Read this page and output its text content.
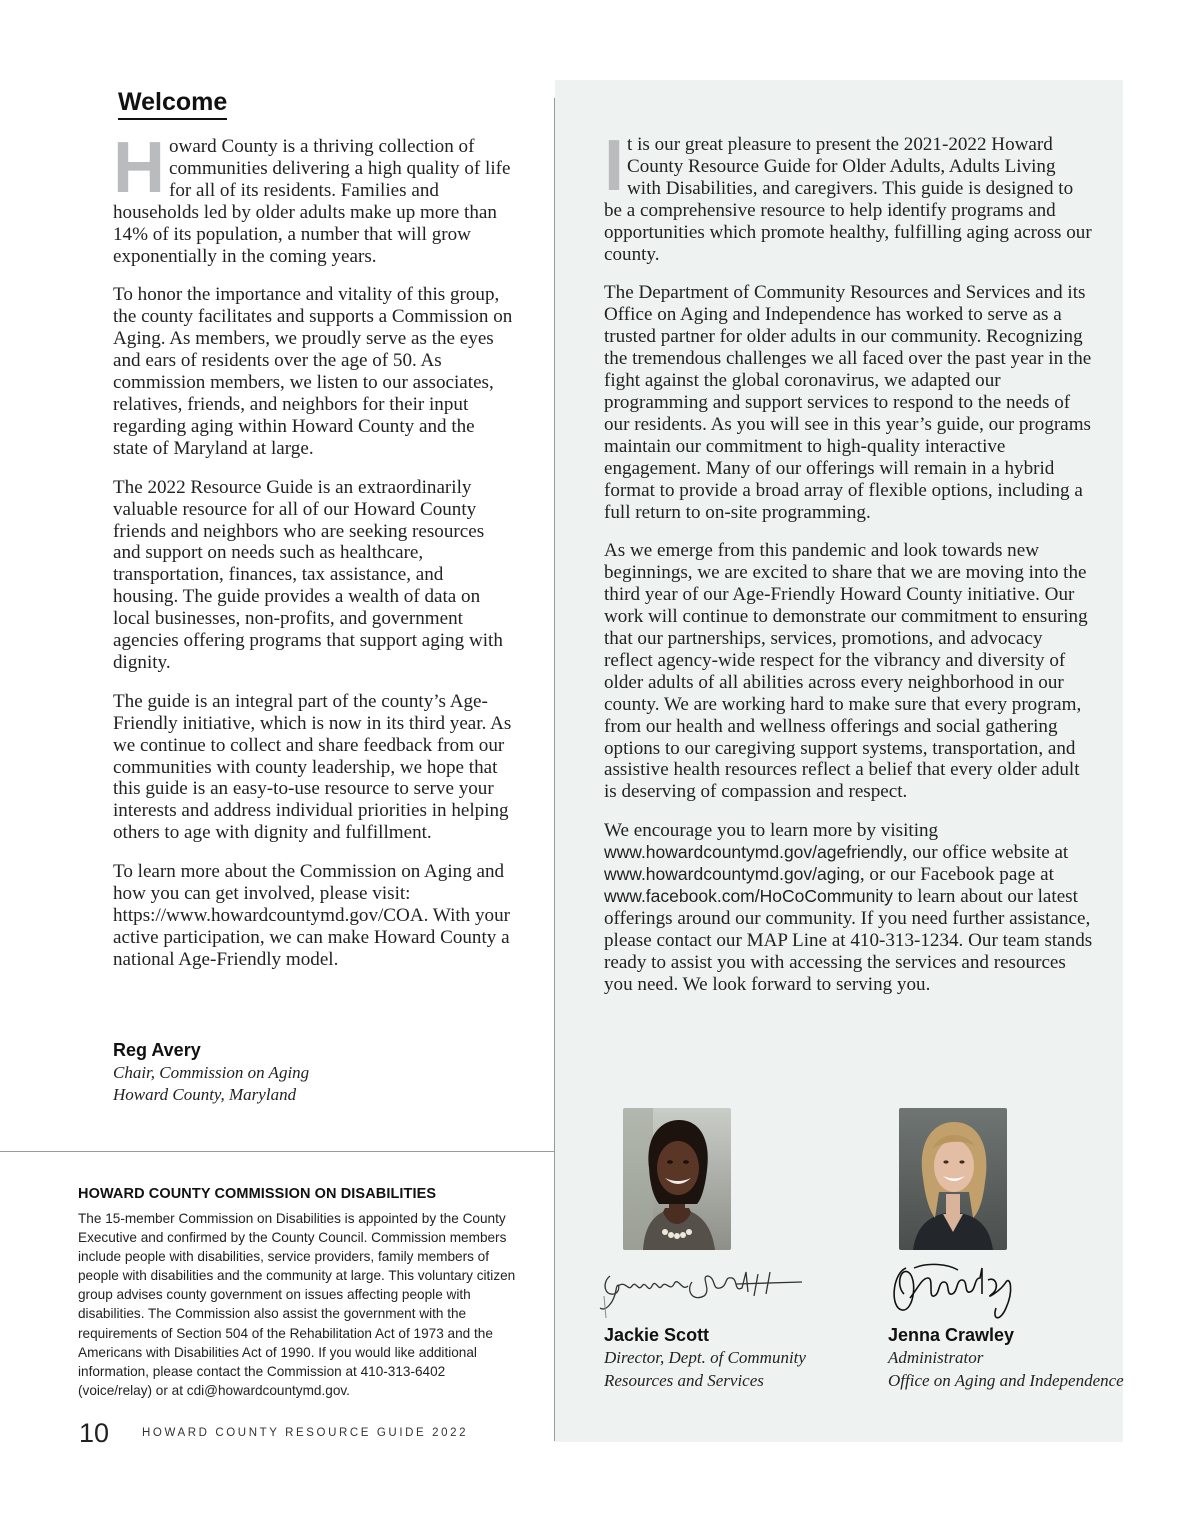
Welcome

Howard County is a thriving collection of communities delivering a high quality of life for all of its residents. Families and households led by older adults make up more than 14% of its population, a number that will grow exponentially in the coming years.

To honor the importance and vitality of this group, the county facilitates and supports a Commission on Aging. As members, we proudly serve as the eyes and ears of residents over the age of 50. As commission members, we listen to our associates, relatives, friends, and neighbors for their input regarding aging within Howard County and the state of Maryland at large.

The 2022 Resource Guide is an extraordinarily valuable resource for all of our Howard County friends and neighbors who are seeking resources and support on needs such as healthcare, transportation, finances, tax assistance, and housing. The guide provides a wealth of data on local businesses, non-profits, and government agencies offering programs that support aging with dignity.

The guide is an integral part of the county’s Age-Friendly initiative, which is now in its third year. As we continue to collect and share feedback from our communities with county leadership, we hope that this guide is an easy-to-use resource to serve your interests and address individual priorities in helping others to age with dignity and fulfillment.

To learn more about the Commission on Aging and how you can get involved, please visit: https://www.howardcountymd.gov/COA. With your active participation, we can make Howard County a national Age-Friendly model.

Reg Avery
Chair, Commission on Aging
Howard County, Maryland
HOWARD COUNTY COMMISSION ON DISABILITIES
The 15-member Commission on Disabilities is appointed by the County Executive and confirmed by the County Council. Commission members include people with disabilities, service providers, family members of people with disabilities and the community at large. This voluntary citizen group advises county government on issues affecting people with disabilities. The Commission also assist the government with the requirements of Section 504 of the Rehabilitation Act of 1973 and the Americans with Disabilities Act of 1990. If you would like additional information, please contact the Commission at 410-313-6402 (voice/relay) or at cdi@howardcountymd.gov.

It is our great pleasure to present the 2021-2022 Howard County Resource Guide for Older Adults, Adults Living with Disabilities, and caregivers. This guide is designed to be a comprehensive resource to help identify programs and opportunities which promote healthy, fulfilling aging across our county.

The Department of Community Resources and Services and its Office on Aging and Independence has worked to serve as a trusted partner for older adults in our community. Recognizing the tremendous challenges we all faced over the past year in the fight against the global coronavirus, we adapted our programming and support services to respond to the needs of our residents. As you will see in this year’s guide, our programs maintain our commitment to high-quality interactive engagement. Many of our offerings will remain in a hybrid format to provide a broad array of flexible options, including a full return to on-site programming.

As we emerge from this pandemic and look towards new beginnings, we are excited to share that we are moving into the third year of our Age-Friendly Howard County initiative. Our work will continue to demonstrate our commitment to ensuring that our partnerships, services, promotions, and advocacy reflect agency-wide respect for the vibrancy and diversity of older adults of all abilities across every neighborhood in our county. We are working hard to make sure that every program, from our health and wellness offerings and social gathering options to our caregiving support systems, transportation, and assistive health resources reflect a belief that every older adult is deserving of compassion and respect.

We encourage you to learn more by visiting www.howardcountymd.gov/agefriendly, our office website at www.howardcountymd.gov/aging, or our Facebook page at www.facebook.com/HoCoCommunity to learn about our latest offerings around our community. If you need further assistance, please contact our MAP Line at 410-313-1234. Our team stands ready to assist you with accessing the services and resources you need. We look forward to serving you.

Jackie Scott
Director, Dept. of Community
Resources and Services
Jenna Crawley
Administrator
Office on Aging and Independence
10	HOWARD COUNTY RESOURCE GUIDE 2022
